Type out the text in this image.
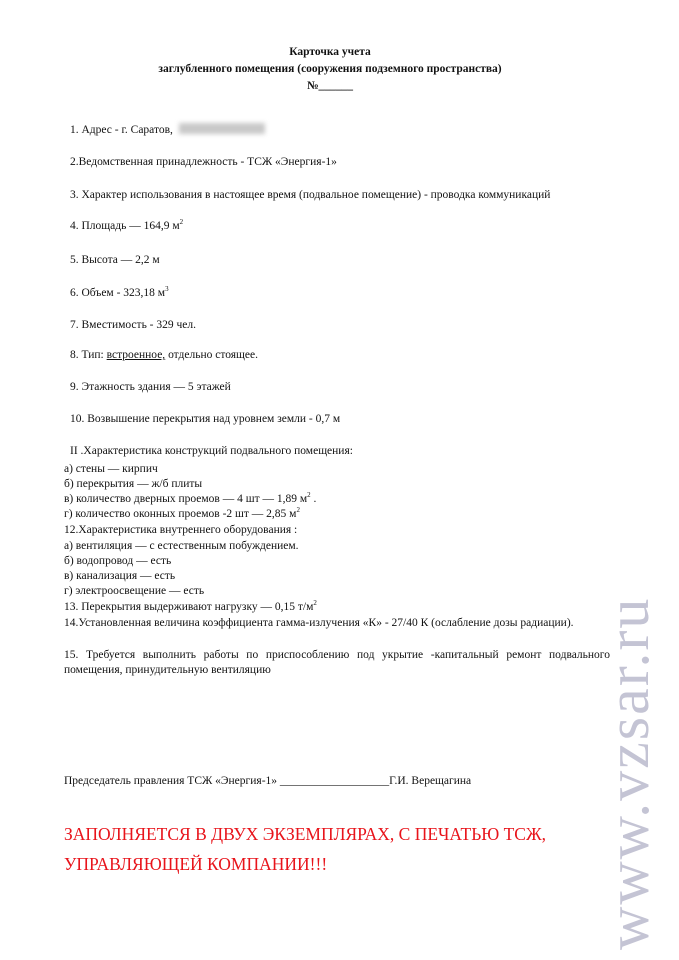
Карточка учета
заглубленного помещения (сооружения подземного пространства)
№______
1. Адрес - г. Саратов,
2.Ведомственная принадлежность - ТСЖ «Энергия-1»
3. Характер использования в настоящее время (подвальное помещение) - проводка коммуникаций
4. Площадь — 164,9 $м^2$
5. Высота — 2,2 м
6. Объем - 323,18 $м^3$
7. Вместимость - 329 чел.
8. Тип: встроенное, отдельно стоящее.
9. Этажность здания — 5 этажей
10. Возвышение перекрытия над уровнем земли - 0,7 м
II .Характеристика конструкций подвального помещения:
а) стены — кирпич
б) перекрытия — ж/б плиты
в) количество дверных проемов — 4 шт — 1,89 $м^2$ .
г) количество оконных проемов -2 шт — 2,85 $м^2$
12.Характеристика внутреннего оборудования :
а) вентиляция — с естественным побуждением.
б) водопровод — есть
в) канализация — есть
г) электроосвещение — есть
13. Перекрытия выдерживают нагрузку — 0,15 $т/м^2$
14.Установленная величина коэффициента гамма-излучения «К» - 27/40 К (ослабление дозы радиации).
15. Требуется выполнить работы по приспособлению под укрытие -капитальный ремонт подвального помещения, принудительную вентиляцию
Председатель правления ТСЖ «Энергия-1» ___________________Г.И. Верещагина
ЗАПОЛНЯЕТСЯ В ДВУХ ЭКЗЕМПЛЯРАХ, С ПЕЧАТЬЮ ТСЖ,
УПРАВЛЯЮЩЕЙ КОМПАНИИ!!!	www.vzsar.ru
